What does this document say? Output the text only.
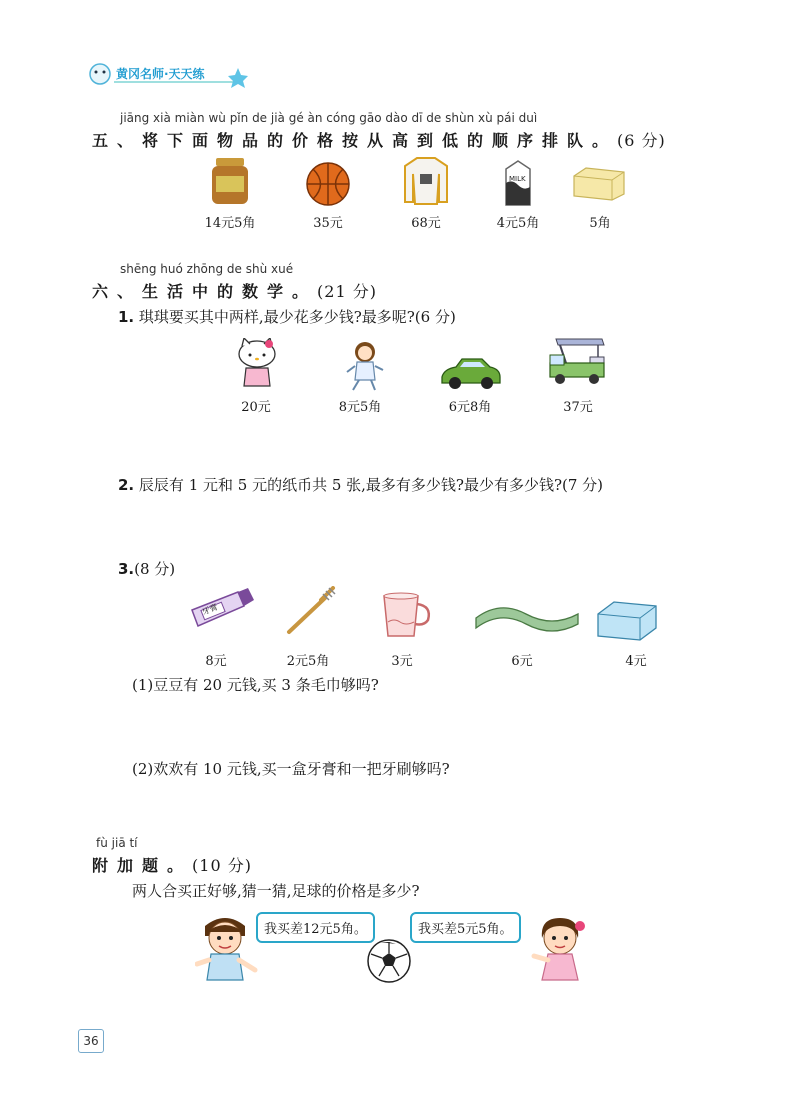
黄冈名师·天天练
jiāng xià miàn wù pǐn de jià gé àn cóng gāo dào dī de shùn xù pái duì
五、将下面物品的价格按从高到低的顺序排队。(6 分)
MILK
14元5角	35元	68元	4元5角	5角
shēng huó zhōng de shù xué
六、生活中的数学。(21 分)
1. 琪琪要买其中两样,最少花多少钱?最多呢?(6 分)
20元	8元5角	6元8角	37元
2. 辰辰有 1 元和 5 元的纸币共 5 张,最多有多少钱?最少有多少钱?(7 分)
3.(8 分)
牙膏
8元	2元5角	3元	6元	4元
(1)豆豆有 20 元钱,买 3 条毛巾够吗?
(2)欢欢有 10 元钱,买一盒牙膏和一把牙刷够吗?
fù jiā tí
附加题。(10 分)
两人合买正好够,猜一猜,足球的价格是多少?
我买差12元5角。	我买差5元5角。
36
